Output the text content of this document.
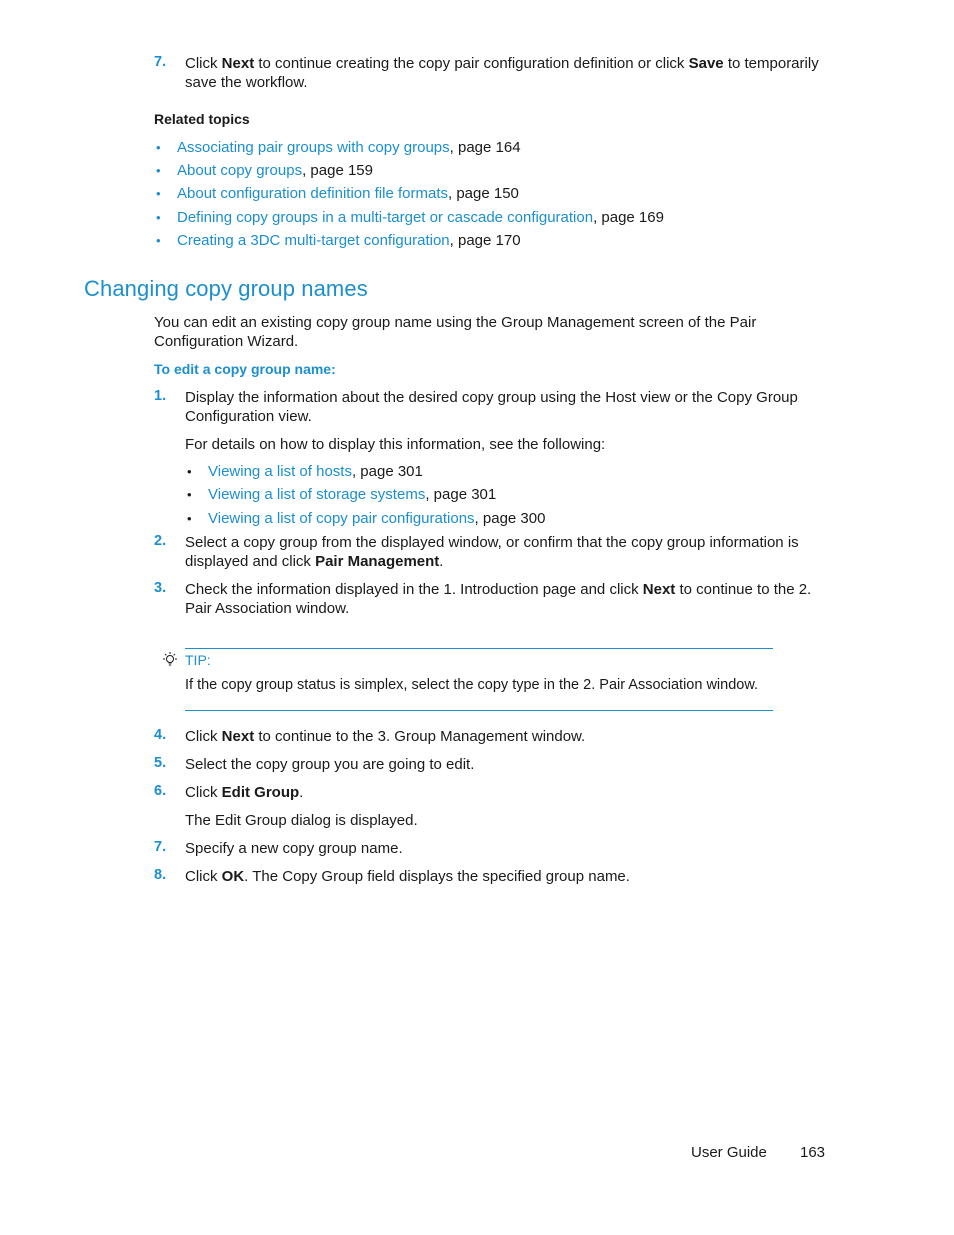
7. Click Next to continue creating the copy pair configuration definition or click Save to temporarily
save the workflow.
Related topics
• Associating pair groups with copy groups, page 164
• About copy groups, page 159
• About configuration definition file formats, page 150
• Defining copy groups in a multi-target or cascade configuration, page 169
• Creating a 3DC multi-target configuration, page 170
Changing copy group names
You can edit an existing copy group name using the Group Management screen of the Pair
Configuration Wizard.
To edit a copy group name:
1. Display the information about the desired copy group using the Host view or the Copy Group
Configuration view.
For details on how to display this information, see the following:
• Viewing a list of hosts, page 301
• Viewing a list of storage systems, page 301
• Viewing a list of copy pair configurations, page 300
2. Select a copy group from the displayed window, or confirm that the copy group information is
displayed and click Pair Management.
3. Check the information displayed in the 1. Introduction page and click Next to continue to the 2.
Pair Association window.
TIP:
If the copy group status is simplex, select the copy type in the 2. Pair Association window.
4. Click Next to continue to the 3. Group Management window.
5. Select the copy group you are going to edit.
6. Click Edit Group.
The Edit Group dialog is displayed.
7. Specify a new copy group name.
8. Click OK. The Copy Group field displays the specified group name.
User Guide 163
